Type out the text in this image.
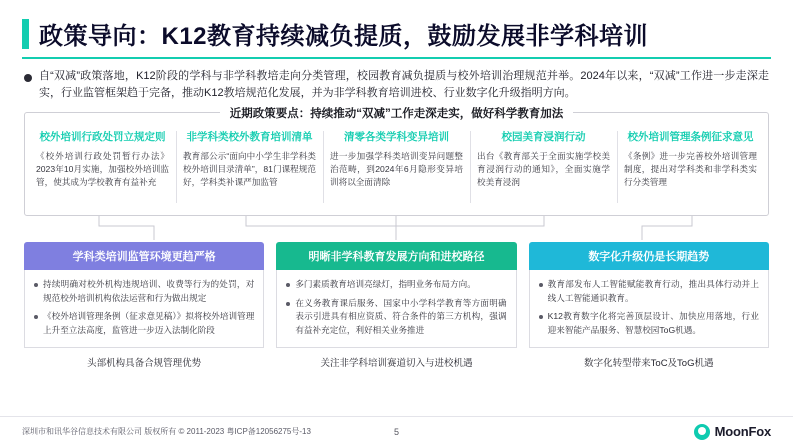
政策导向：K12教育持续减负提质，鼓励发展非学科培训
自“双减”政策落地，K12阶段的学科与非学科教培走向分类管理，校园教育减负提质与校外培训治理规范并举。2024年以来，“双减”工作进一步走深走实，行业监管框架趋于完备，推动K12教培规范化发展，并为非学科教育培训进校、行业数字化升级指明方向。
近期政策要点：持续推动“双减”工作走深走实，做好科学教育加法
校外培训行政处罚立规定则
《校外培训行政处罚暂行办法》2023年10月实施，加强校外培训监管，使其成为学校教育有益补充
非学科类校外教育培训清单
教育部公示“面向中小学生非学科类校外培训目录清单”，81门课程规范好，学科类补课严加监管
清零各类学科变异培训
进一步加强学科类培训变异问题整治范畴，到2024年6月隐形变异培训将以全面清除
校园美育浸润行动
出台《教育部关于全面实施学校美育浸润行动的通知》，全面实施学校美育浸润
校外培训管理条例征求意见
《条例》进一步完善校外培训管理制度，提出对学科类和非学科类实行分类管理
学科类培训监管环境更趋严格
持续明确对校外机构违规培训、收费等行为的处罚，对规范校外培训机构依法运营和行为做出规定
《校外培训管理条例（征求意见稿）》拟将校外培训管理上升至立法高度，监管进一步迈入法制化阶段
头部机构具备合规管理优势
明晰非学科教育发展方向和进校路径
多门素质教育培训亮绿灯，指明业务布局方向。
在义务教育课后服务、国家中小学科学教育等方面明确表示引进具有相应资质、符合条件的第三方机构，强调有益补充定位，利好相关业务推进
关注非学科培训赛道切入与进校机遇
数字化升级仍是长期趋势
教育部发布人工智能赋能教育行动，推出具体行动并上线人工智能通识教育。
K12教育数字化将完善顶层设计、加快应用落地，行业迎来智能产品服务、智慧校园ToG机遇。
数字化转型带来ToC及ToG机遇
深圳市和讯华谷信息技术有限公司 版权所有 © 2011-2023 粤ICP备12056275号-13	5	MoonFox
